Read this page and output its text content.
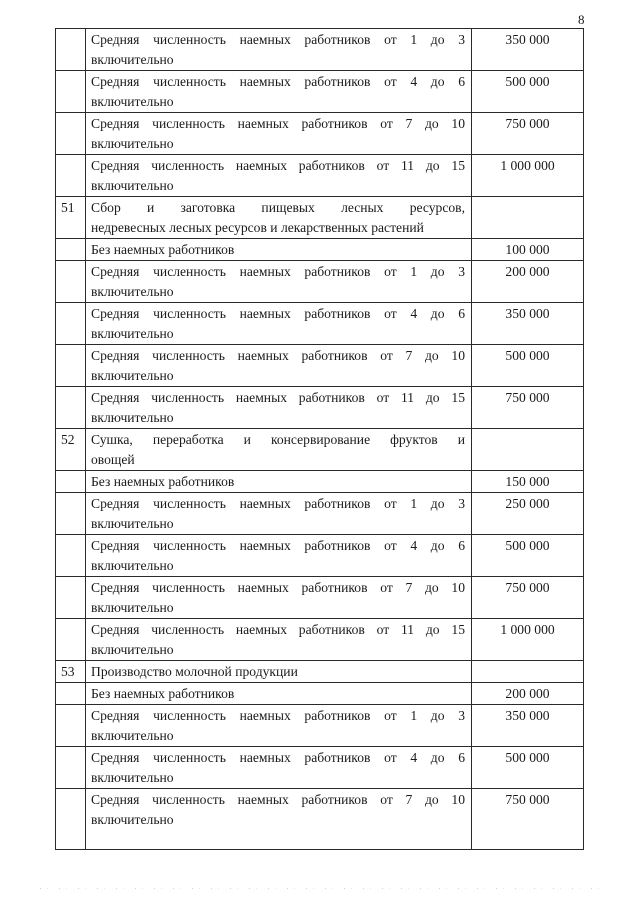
8

	Средняя численность наемных работников от 1 до 3
включительно	350 000

	Средняя численность наемных работников от 4 до 6
включительно	500 000

	Средняя численность наемных работников от 7 до 10
включительно	750 000

	Средняя численность наемных работников от 11 до 15
включительно	1 000 000
51	Сбор и заготовка пищевых лесных ресурсов,
недревесных лесных ресурсов и лекарственных растений	

	Без наемных работников	100 000

	Средняя численность наемных работников от 1 до 3
включительно	200 000

	Средняя численность наемных работников от 4 до 6
включительно	350 000

	Средняя численность наемных работников от 7 до 10
включительно	500 000

	Средняя численность наемных работников от 11 до 15
включительно	750 000
52	Сушка, переработка и консервирование фруктов и
овощей	

	Без наемных работников	150 000

	Средняя численность наемных работников от 1 до 3
включительно	250 000

	Средняя численность наемных работников от 4 до 6
включительно	500 000

	Средняя численность наемных работников от 7 до 10
включительно	750 000

	Средняя численность наемных работников от 11 до 15
включительно	1 000 000
53	Производство молочной продукции	

	Без наемных работников	200 000

	Средняя численность наемных работников от 1 до 3
включительно	350 000

	Средняя численность наемных работников от 4 до 6
включительно	500 000

	Средняя численность наемных работников от 7 до 10
включительно	750 000
